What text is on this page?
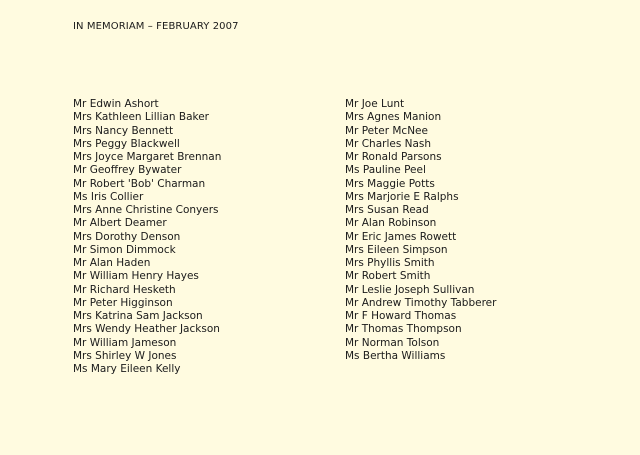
IN MEMORIAM – FEBRUARY 2007
Mr Edwin Ashort
Mrs Kathleen Lillian Baker
Mrs Nancy Bennett
Mrs Peggy Blackwell
Mrs Joyce Margaret Brennan
Mr Geoffrey Bywater
Mr Robert 'Bob' Charman
Ms Iris Collier
Mrs Anne Christine Conyers
Mr Albert Deamer
Mrs Dorothy Denson
Mr Simon Dimmock
Mr Alan Haden
Mr William Henry Hayes
Mr Richard Hesketh
Mr Peter Higginson
Mrs Katrina Sam Jackson
Mrs Wendy Heather Jackson
Mr William Jameson
Mrs Shirley W Jones
Ms Mary Eileen Kelly
Mr Joe Lunt
Mrs Agnes Manion
Mr Peter McNee
Mr Charles Nash
Mr Ronald Parsons
Ms Pauline Peel
Mrs Maggie Potts
Mrs Marjorie E Ralphs
Mrs Susan Read
Mr Alan Robinson
Mr Eric James Rowett
Mrs Eileen Simpson
Mrs Phyllis Smith
Mr Robert Smith
Mr Leslie Joseph Sullivan
Mr Andrew Timothy Tabberer
Mr F Howard Thomas
Mr Thomas Thompson
Mr Norman Tolson
Ms Bertha Williams
